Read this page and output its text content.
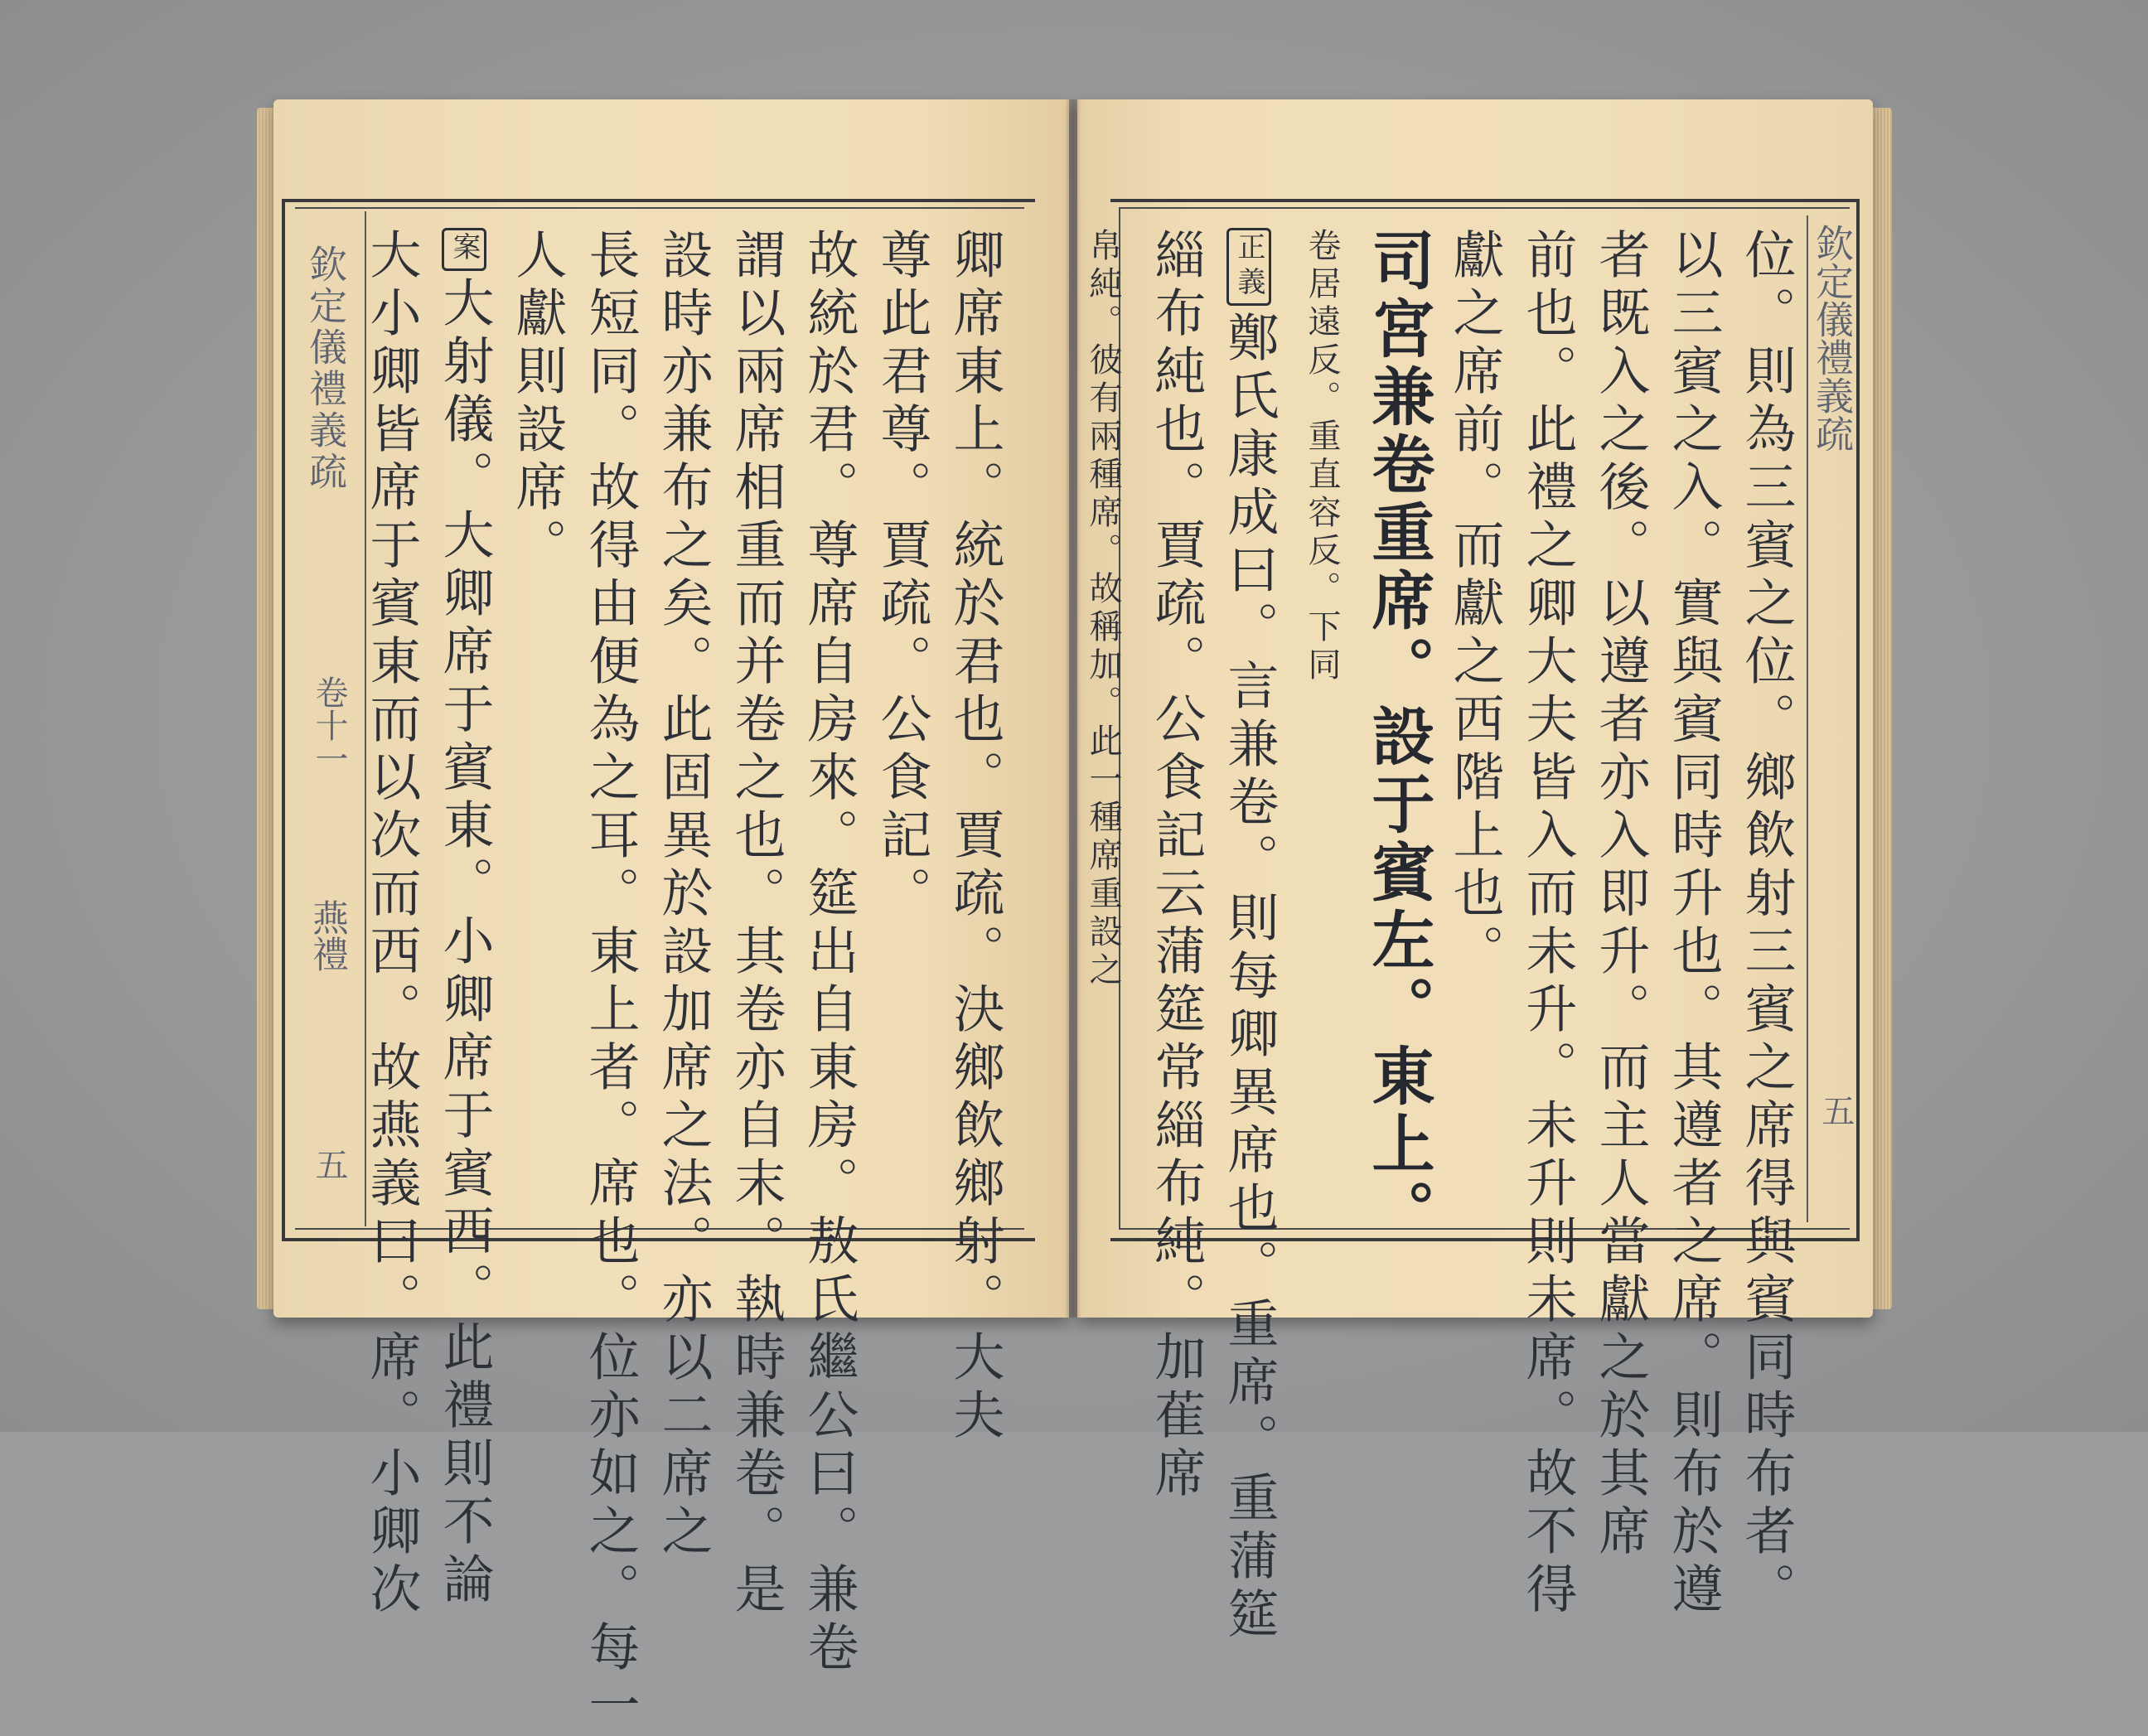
欽定儀禮義疏
卷十一
燕禮
五
欽定儀禮義疏
五
卿席東上。統於君也。賈疏。決鄉飲鄉射。大夫
尊此君尊。賈疏。公食記。
故統於君。尊席自房來。筵出自東房。敖氏繼公曰。兼卷
謂以兩席相重而并卷之也。其卷亦自末。執時兼卷。是
設時亦兼布之矣。此固異於設加席之法。亦以二席之
長短同。故得由便為之耳。東上者。席也。位亦如之。每一
人獻則設席。
案大射儀。大卿席于賓東。小卿席于賓西。此禮則不論
大小卿皆席于賓東而以次而西。故燕義曰。席。小卿次	位。則為三賓之位。鄉飲射三賓之席得與賓同時布者。
以三賓之入。實與賓同時升也。其遵者之席。則布於遵
者既入之後。以遵者亦入即升。而主人當獻之於其席
前也。此禮之卿大夫皆入而未升。未升則未席。故不得
獻之席前。而獻之西階上也。
司宮兼卷重席。設于賓左。東上。
卷居遠反。重直容反。下同
正義鄭氏康成曰。言兼卷。則每卿異席也。重席。重蒲筵
緇布純也。賈疏。公食記云蒲筵常緇布純。加萑席
帛純。彼有兩種席。故稱加。此一種席重設之
